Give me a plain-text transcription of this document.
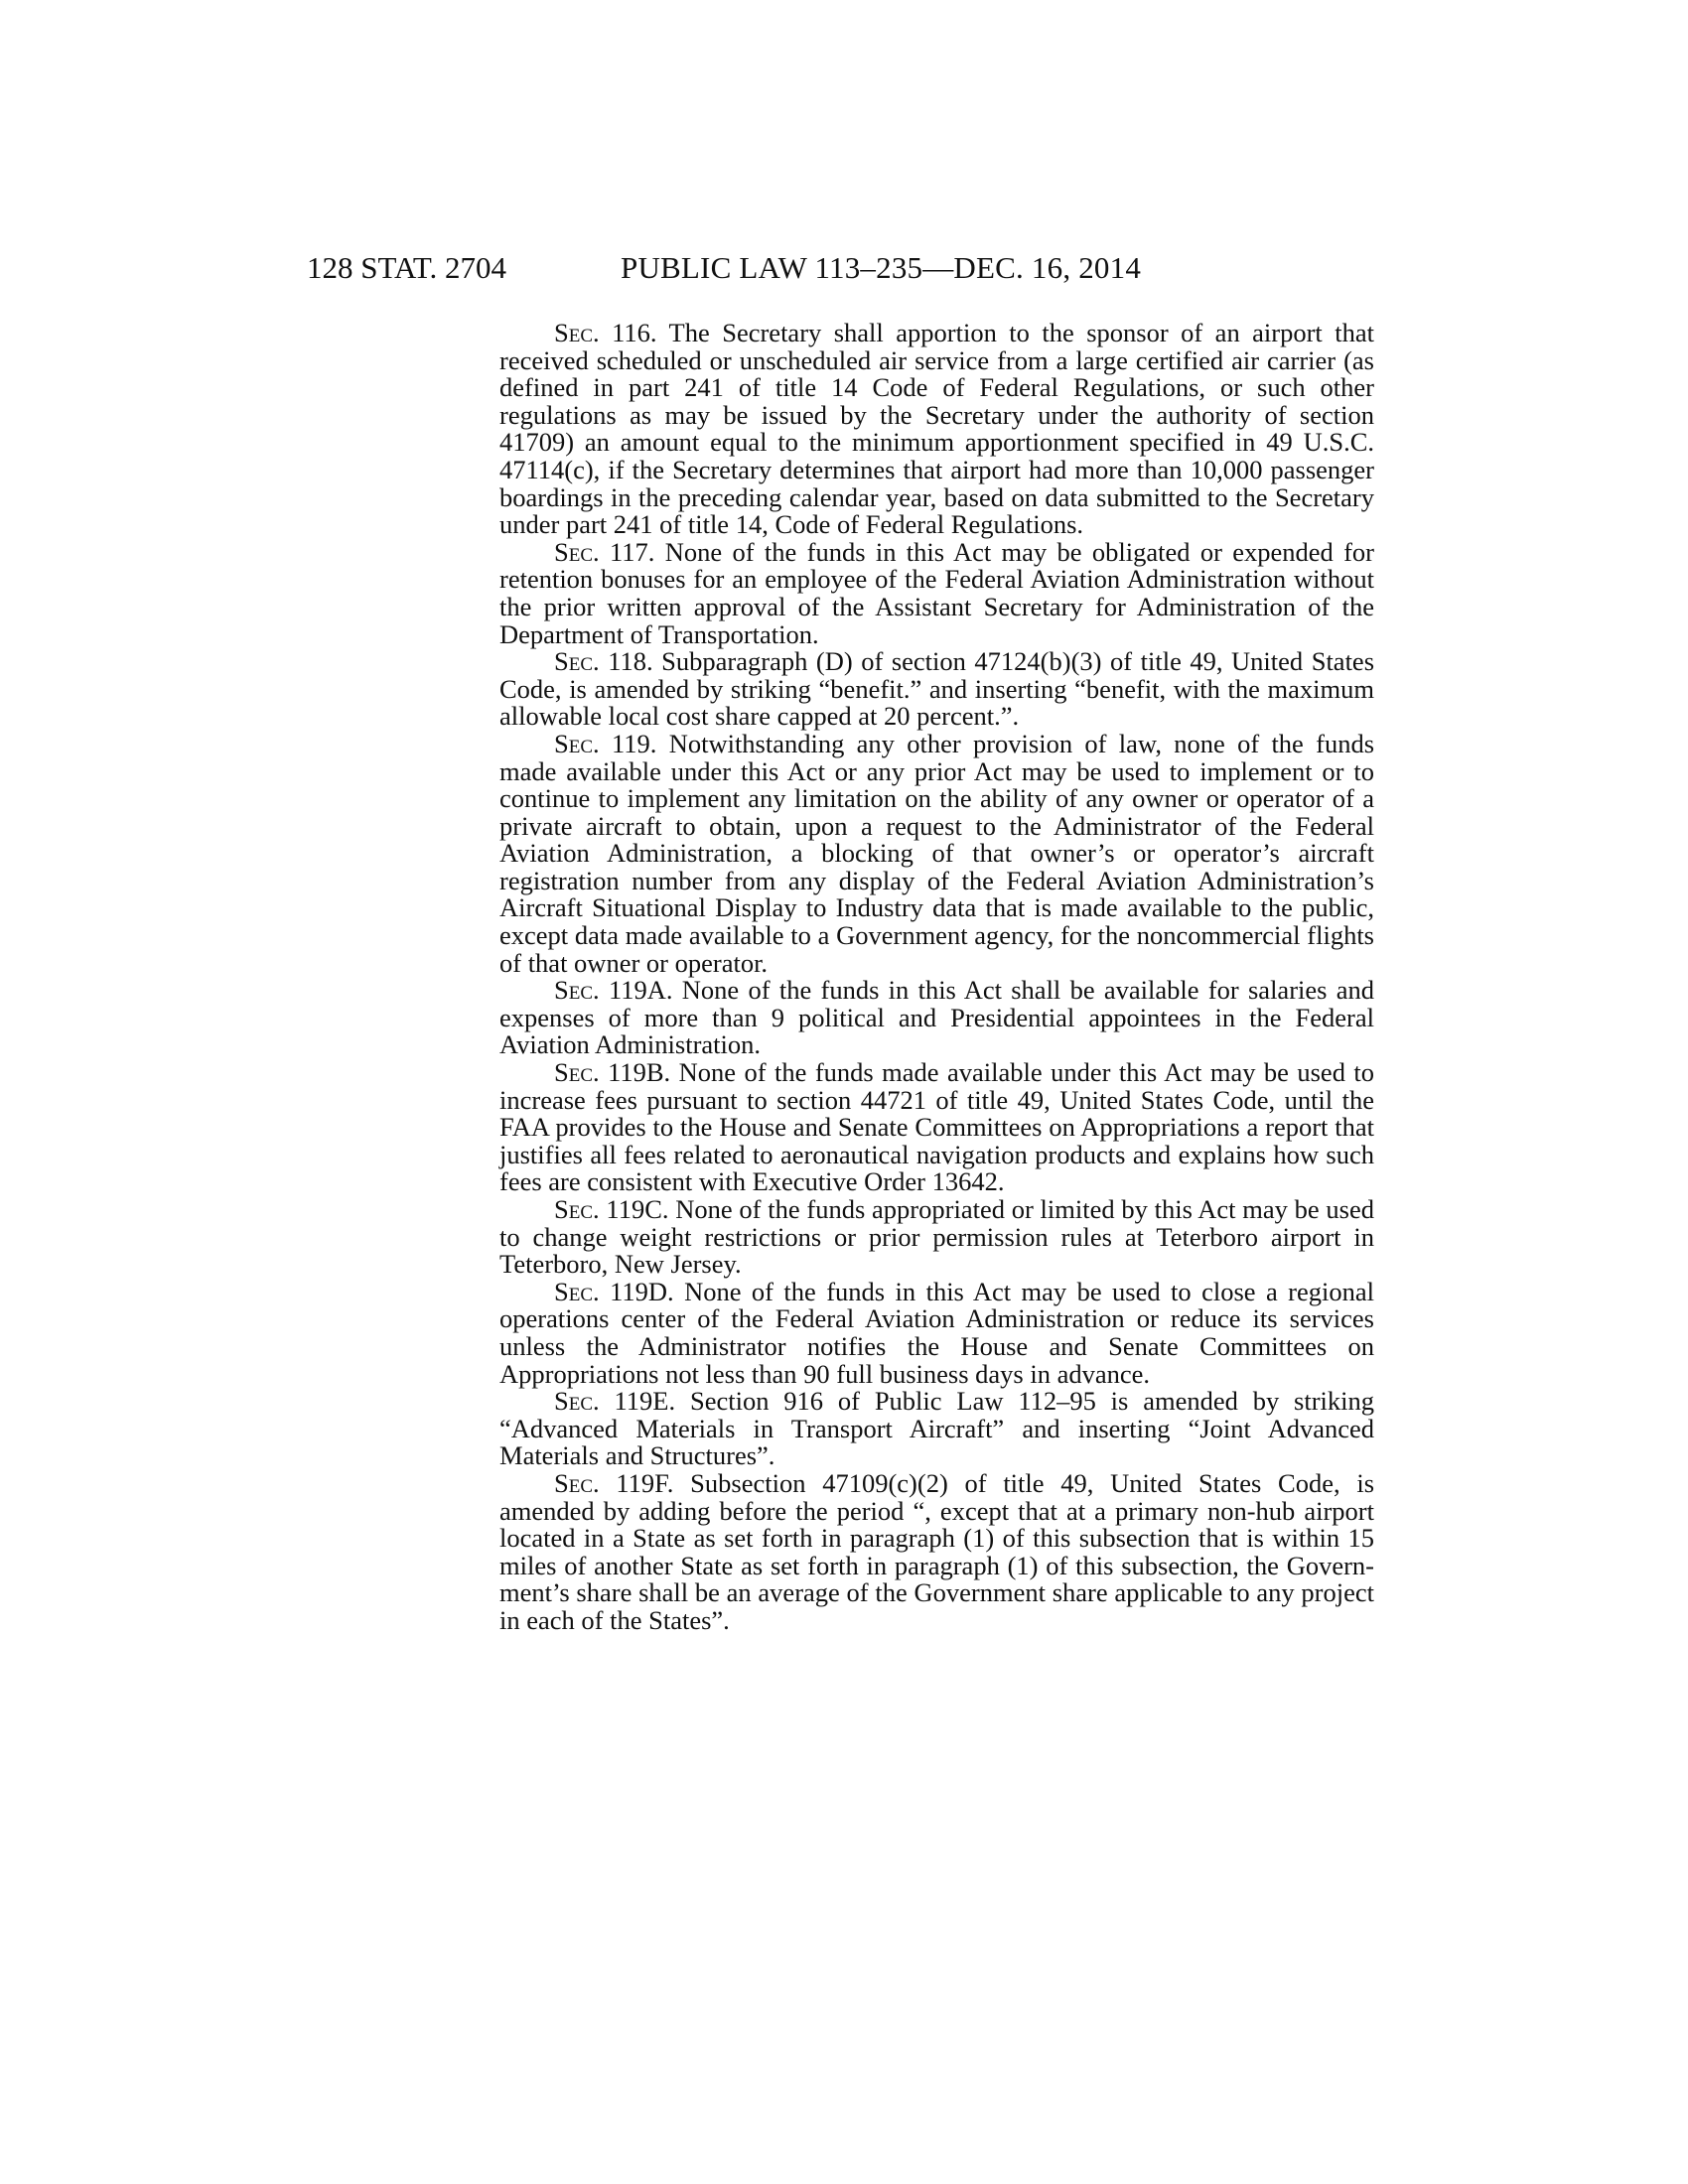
128 STAT. 2704	PUBLIC LAW 113–235—DEC. 16, 2014

Sec. 116. The Secretary shall apportion to the sponsor of an airport that received scheduled or unscheduled air service from a large certified air carrier (as defined in part 241 of title 14 Code of Federal Regulations, or such other regulations as may be issued by the Secretary under the authority of section 41709) an amount equal to the minimum apportionment specified in 49 U.S.C. 47114(c), if the Secretary determines that airport had more than 10,000 passenger boardings in the preceding calendar year, based on data submitted to the Secretary under part 241 of title 14, Code of Federal Regulations.

Sec. 117. None of the funds in this Act may be obligated or expended for retention bonuses for an employee of the Federal Aviation Administration without the prior written approval of the Assistant Secretary for Administration of the Department of Transportation.

Sec. 118. Subparagraph (D) of section 47124(b)(3) of title 49, United States Code, is amended by striking “benefit.” and inserting “benefit, with the maximum allowable local cost share capped at 20 percent.”.

Sec. 119. Notwithstanding any other provision of law, none of the funds made available under this Act or any prior Act may be used to implement or to continue to implement any limitation on the ability of any owner or operator of a private aircraft to obtain, upon a request to the Administrator of the Federal Aviation Administration, a blocking of that owner’s or operator’s aircraft registration number from any display of the Federal Aviation Administration’s Aircraft Situational Display to Industry data that is made available to the public, except data made available to a Government agency, for the noncommercial flights of that owner or operator.

Sec. 119A. None of the funds in this Act shall be available for salaries and expenses of more than 9 political and Presidential appointees in the Federal Aviation Administration.

Sec. 119B. None of the funds made available under this Act may be used to increase fees pursuant to section 44721 of title 49, United States Code, until the FAA provides to the House and Senate Committees on Appropriations a report that justifies all fees related to aeronautical navigation products and explains how such fees are consistent with Executive Order 13642.

Sec. 119C. None of the funds appropriated or limited by this Act may be used to change weight restrictions or prior permission rules at Teterboro airport in Teterboro, New Jersey.

Sec. 119D. None of the funds in this Act may be used to close a regional operations center of the Federal Aviation Administration or reduce its services unless the Administrator notifies the House and Senate Committees on Appropriations not less than 90 full business days in advance.

Sec. 119E. Section 916 of Public Law 112–95 is amended by striking “Advanced Materials in Transport Aircraft” and inserting “Joint Advanced Materials and Structures”.

Sec. 119F. Subsection 47109(c)(2) of title 49, United States Code, is amended by adding before the period “, except that at a primary non-hub airport located in a State as set forth in paragraph (1) of this subsection that is within 15 miles of another State as set forth in paragraph (1) of this subsection, the Government’s share shall be an average of the Government share applicable to any project in each of the States”.
